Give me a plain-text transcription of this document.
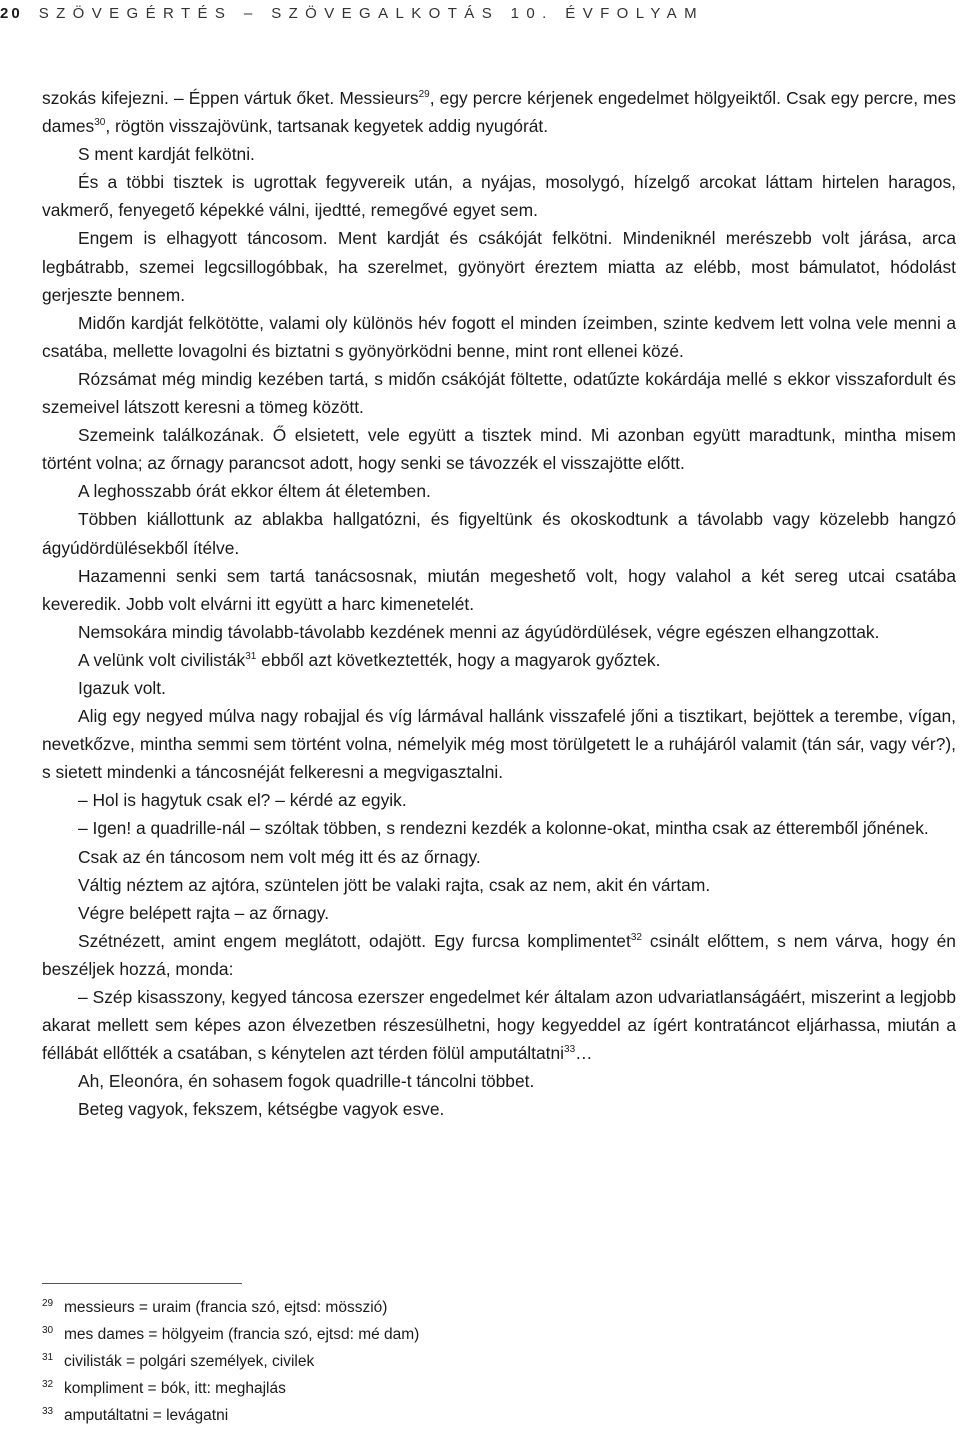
20 SZÖVEGÉRTÉS – SZÖVEGALKOTÁS 10. ÉVFOLYAM

szokás kifejezni. – Éppen vártuk őket. Messieurs$^{29}$, egy percre kérjenek engedelmet hölgyeiktől. Csak egy percre, mes dames$^{30}$, rögtön visszajövünk, tartsanak kegyetek addig nyugórát.

S ment kardját felkötni.

És a többi tisztek is ugrottak fegyvereik után, a nyájas, mosolygó, hízelgő arcokat láttam hirtelen haragos, vakmerő, fenyegető képekké válni, ijedtté, remegővé egyet sem.

Engem is elhagyott táncosom. Ment kardját és csákóját felkötni. Mindeniknél merészebb volt járása, arca legbátrabb, szemei legcsillogóbbak, ha szerelmet, gyönyört éreztem miatta az elébb, most bámulatot, hódolást gerjeszte bennem.

Midőn kardját felkötötte, valami oly különös hév fogott el minden ízeimben, szinte kedvem lett volna vele menni a csatába, mellette lovagolni és biztatni s gyönyörködni benne, mint ront ellenei közé.

Rózsámat még mindig kezében tartá, s midőn csákóját föltette, odatűzte kokárdája mellé s ekkor visszafordult és szemeivel látszott keresni a tömeg között.

Szemeink találkozának. Ő elsietett, vele együtt a tisztek mind. Mi azonban együtt maradtunk, mintha misem történt volna; az őrnagy parancsot adott, hogy senki se távozzék el visszajötte előtt.

A leghosszabb órát ekkor éltem át életemben.

Többen kiállottunk az ablakba hallgatózni, és figyeltünk és okoskodtunk a távolabb vagy közelebb hangzó ágyúdördülésekből ítélve.

Hazamenni senki sem tartá tanácsosnak, miután megeshető volt, hogy valahol a két sereg utcai csatába keveredik. Jobb volt elvárni itt együtt a harc kimenetelét.

Nemsokára mindig távolabb-távolabb kezdének menni az ágyúdördülések, végre egészen elhangzottak.

A velünk volt civilisták$^{31}$ ebből azt következtették, hogy a magyarok győztek.

Igazuk volt.

Alig egy negyed múlva nagy robajjal és víg lármával hallánk visszafelé jőni a tisztikart, bejöttek a terembe, vígan, nevetkőzve, mintha semmi sem történt volna, némelyik még most törülgetett le a ruhájáról valamit (tán sár, vagy vér?), s sietett mindenki a táncosnéját felkeresni a megvigasztalni.

– Hol is hagytuk csak el? – kérdé az egyik.

– Igen! a quadrille-nál – szóltak többen, s rendezni kezdék a kolonne-okat, mintha csak az étteremből jőnének.

Csak az én táncosom nem volt még itt és az őrnagy.

Váltig néztem az ajtóra, szüntelen jött be valaki rajta, csak az nem, akit én vártam.

Végre belépett rajta – az őrnagy.

Szétnézett, amint engem meglátott, odajött. Egy furcsa komplimentet$^{32}$ csinált előttem, s nem várva, hogy én beszéljek hozzá, monda:

– Szép kisasszony, kegyed táncosa ezerszer engedelmet kér általam azon udvariatlanságáért, miszerint a legjobb akarat mellett sem képes azon élvezetben részesülhetni, hogy kegyeddel az ígért kontratáncot eljárhassa, miután a féllábát ellőtték a csatában, s kénytelen azt térden fölül amputáltatni$^{33}$…

Ah, Eleonóra, én sohasem fogok quadrille-t táncolni többet.

Beteg vagyok, fekszem, kétségbe vagyok esve.

29 messieurs = uraim (francia szó, ejtsd: mösszió)
30 mes dames = hölgyeim (francia szó, ejtsd: mé dam)
31 civilisták = polgári személyek, civilek
32 kompliment = bók, itt: meghajlás
33 amputáltatni = levágatni
